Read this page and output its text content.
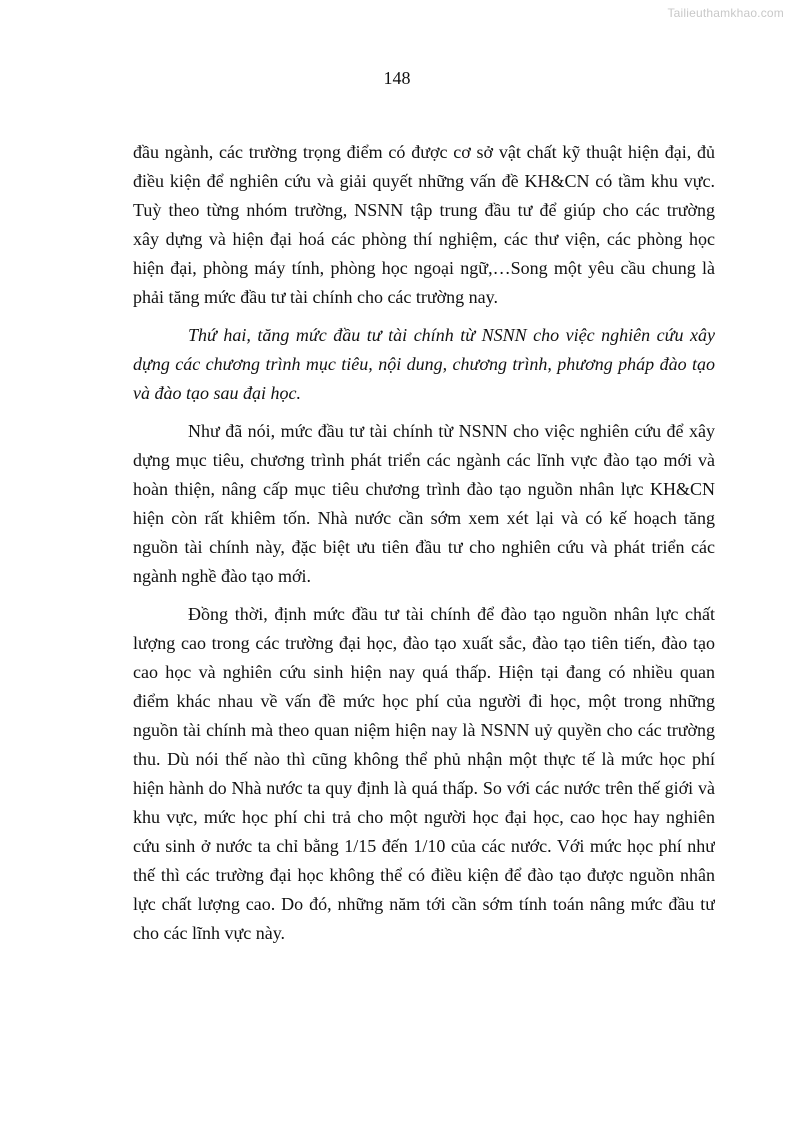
Tailieuthamkhao.com
148
đầu ngành, các trường trọng điểm có được cơ sở vật chất kỹ thuật hiện đại, đủ
điều kiện để nghiên cứu và giải quyết những vấn đề KH&CN có tầm khu vực.
Tuỳ theo từng nhóm trường, NSNN tập trung đầu tư để giúp cho các trường
xây dựng và hiện đại hoá các phòng thí nghiệm, các thư viện, các phòng học
hiện đại, phòng máy tính, phòng học ngoại ngữ,…Song một yêu cầu chung là
phải tăng mức đầu tư tài chính cho các trường nay.
Thứ hai, tăng mức đầu tư tài chính từ NSNN cho việc nghiên cứu xây
dựng các chương trình mục tiêu, nội dung, chương trình, phương pháp đào tạo
và đào tạo sau đại học.
Như đã nói, mức đầu tư tài chính từ NSNN cho việc nghiên cứu để xây
dựng mục tiêu, chương trình phát triển các ngành các lĩnh vực đào tạo mới và
hoàn thiện, nâng cấp mục tiêu chương trình đào tạo nguồn nhân lực KH&CN
hiện còn rất khiêm tốn. Nhà nước cần sớm xem xét lại và có kế hoạch tăng
nguồn tài chính này, đặc biệt ưu tiên đầu tư cho nghiên cứu và phát triển các
ngành nghề đào tạo mới.
Đồng thời, định mức đầu tư tài chính để đào tạo nguồn nhân lực chất
lượng cao trong các trường đại học, đào tạo xuất sắc, đào tạo tiên tiến, đào tạo
cao học và nghiên cứu sinh hiện nay quá thấp. Hiện tại đang có nhiều quan
điểm khác nhau về vấn đề mức học phí của người đi học, một trong những
nguồn tài chính mà theo quan niệm hiện nay là NSNN uỷ quyền cho các trường
thu. Dù nói thế nào thì cũng không thể phủ nhận một thực tế là mức học phí
hiện hành do Nhà nước ta quy định là quá thấp. So với các nước trên thế giới và
khu vực, mức học phí chi trả cho một người học đại học, cao học hay nghiên
cứu sinh ở nước ta chỉ bằng 1/15 đến 1/10 của các nước. Với mức học phí như
thế thì các trường đại học không thể có điều kiện để đào tạo được nguồn nhân
lực chất lượng cao. Do đó, những năm tới cần sớm tính toán nâng mức đầu tư
cho các lĩnh vực này.
